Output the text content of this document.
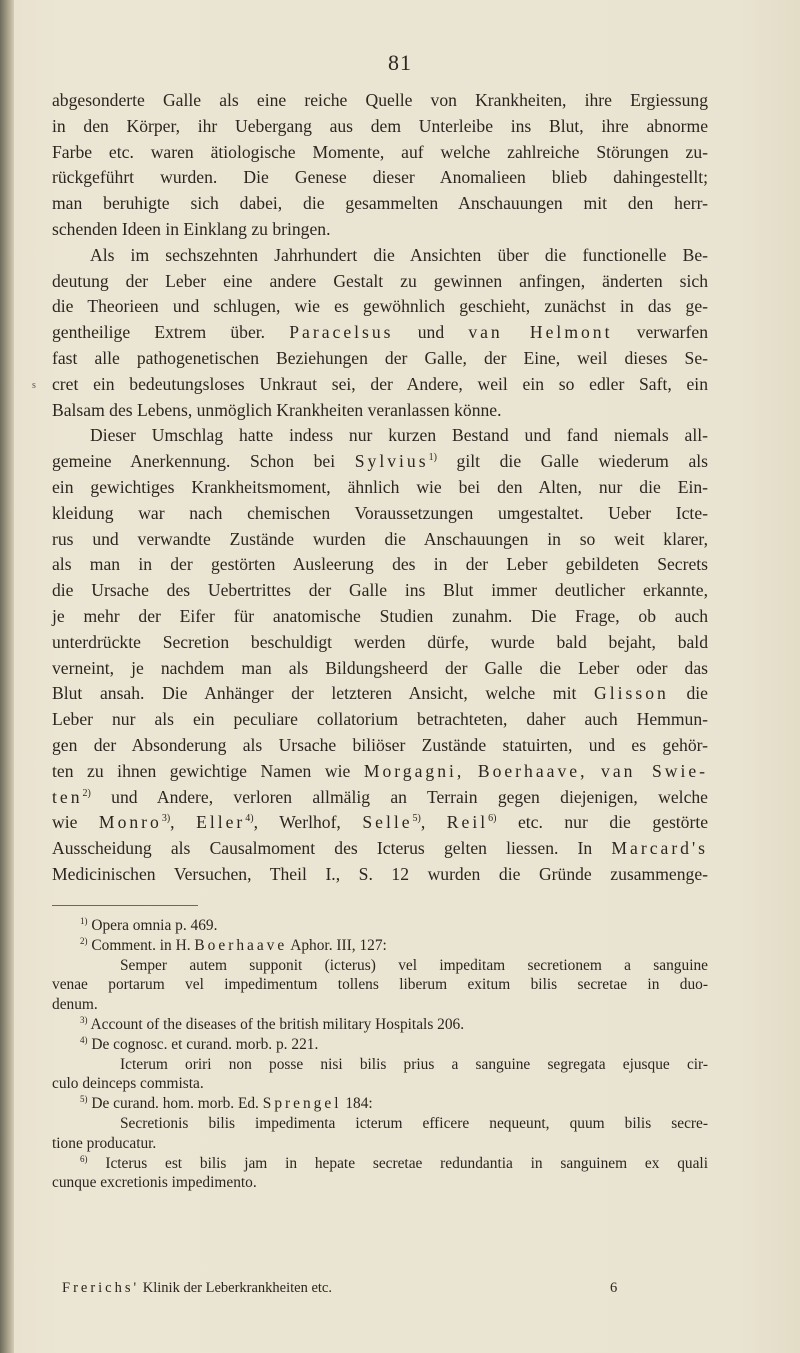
81
ѕ
abgesonderte Galle als eine reiche Quelle von Krankheiten, ihre Ergiessung
in den Körper, ihr Uebergang aus dem Unterleibe ins Blut, ihre abnorme
Farbe etc. waren ätiologische Momente, auf welche zahlreiche Störungen zu-
rückgeführt wurden. Die Genese dieser Anomalieen blieb dahingestellt;
man beruhigte sich dabei, die gesammelten Anschauungen mit den herr-
schenden Ideen in Einklang zu bringen.
Als im sechszehnten Jahrhundert die Ansichten über die functionelle Be-
deutung der Leber eine andere Gestalt zu gewinnen anfingen, änderten sich
die Theorieen und schlugen, wie es gewöhnlich geschieht, zunächst in das ge-
gentheilige Extrem über. Paracelsus und van Helmont verwarfen
fast alle pathogenetischen Beziehungen der Galle, der Eine, weil dieses Se-
cret ein bedeutungsloses Unkraut sei, der Andere, weil ein so edler Saft, ein
Balsam des Lebens, unmöglich Krankheiten veranlassen könne.
Dieser Umschlag hatte indess nur kurzen Bestand und fand niemals all-
gemeine Anerkennung. Schon bei Sylvius$^{1)}$ gilt die Galle wiederum als
ein gewichtiges Krankheitsmoment, ähnlich wie bei den Alten, nur die Ein-
kleidung war nach chemischen Voraussetzungen umgestaltet. Ueber Icte-
rus und verwandte Zustände wurden die Anschauungen in so weit klarer,
als man in der gestörten Ausleerung des in der Leber gebildeten Secrets
die Ursache des Uebertrittes der Galle ins Blut immer deutlicher erkannte,
je mehr der Eifer für anatomische Studien zunahm. Die Frage, ob auch
unterdrückte Secretion beschuldigt werden dürfe, wurde bald bejaht, bald
verneint, je nachdem man als Bildungsheerd der Galle die Leber oder das
Blut ansah. Die Anhänger der letzteren Ansicht, welche mit Glisson die
Leber nur als ein peculiare collatorium betrachteten, daher auch Hemmun-
gen der Absonderung als Ursache biliöser Zustände statuirten, und es gehör-
ten zu ihnen gewichtige Namen wie Morgagni, Boerhaave, van Swie-
ten$^{2)}$ und Andere, verloren allmälig an Terrain gegen diejenigen, welche
wie Monro$^{3)}$, Eller$^{4)}$, Werlhof, Selle$^{5)}$, Reil$^{6)}$ etc. nur die gestörte
Ausscheidung als Causalmoment des Icterus gelten liessen. In Marcard's
Medicinischen Versuchen, Theil I., S. 12 wurden die Gründe zusammenge-
$^{1)}$ Opera omnia p. 469.
$^{2)}$ Comment. in H. Boerhaave Aphor. III, 127:
Semper autem supponit (icterus) vel impeditam secretionem a sanguine
venae portarum vel impedimentum tollens liberum exitum bilis secretae in duo-
denum.
$^{3)}$ Account of the diseases of the british military Hospitals 206.
$^{4)}$ De cognosc. et curand. morb. p. 221.
Icterum oriri non posse nisi bilis prius a sanguine segregata ejusque cir-
culo deinceps commista.
$^{5)}$ De curand. hom. morb. Ed. Sprengel 184:
Secretionis bilis impedimenta icterum efficere nequeunt, quum bilis secre-
tione producatur.
$^{6)}$ Icterus est bilis jam in hepate secretae redundantia in sanguinem ex quali
cunque excretionis impedimento.
Frerichs' Klinik der Leberkrankheiten etc.	6
